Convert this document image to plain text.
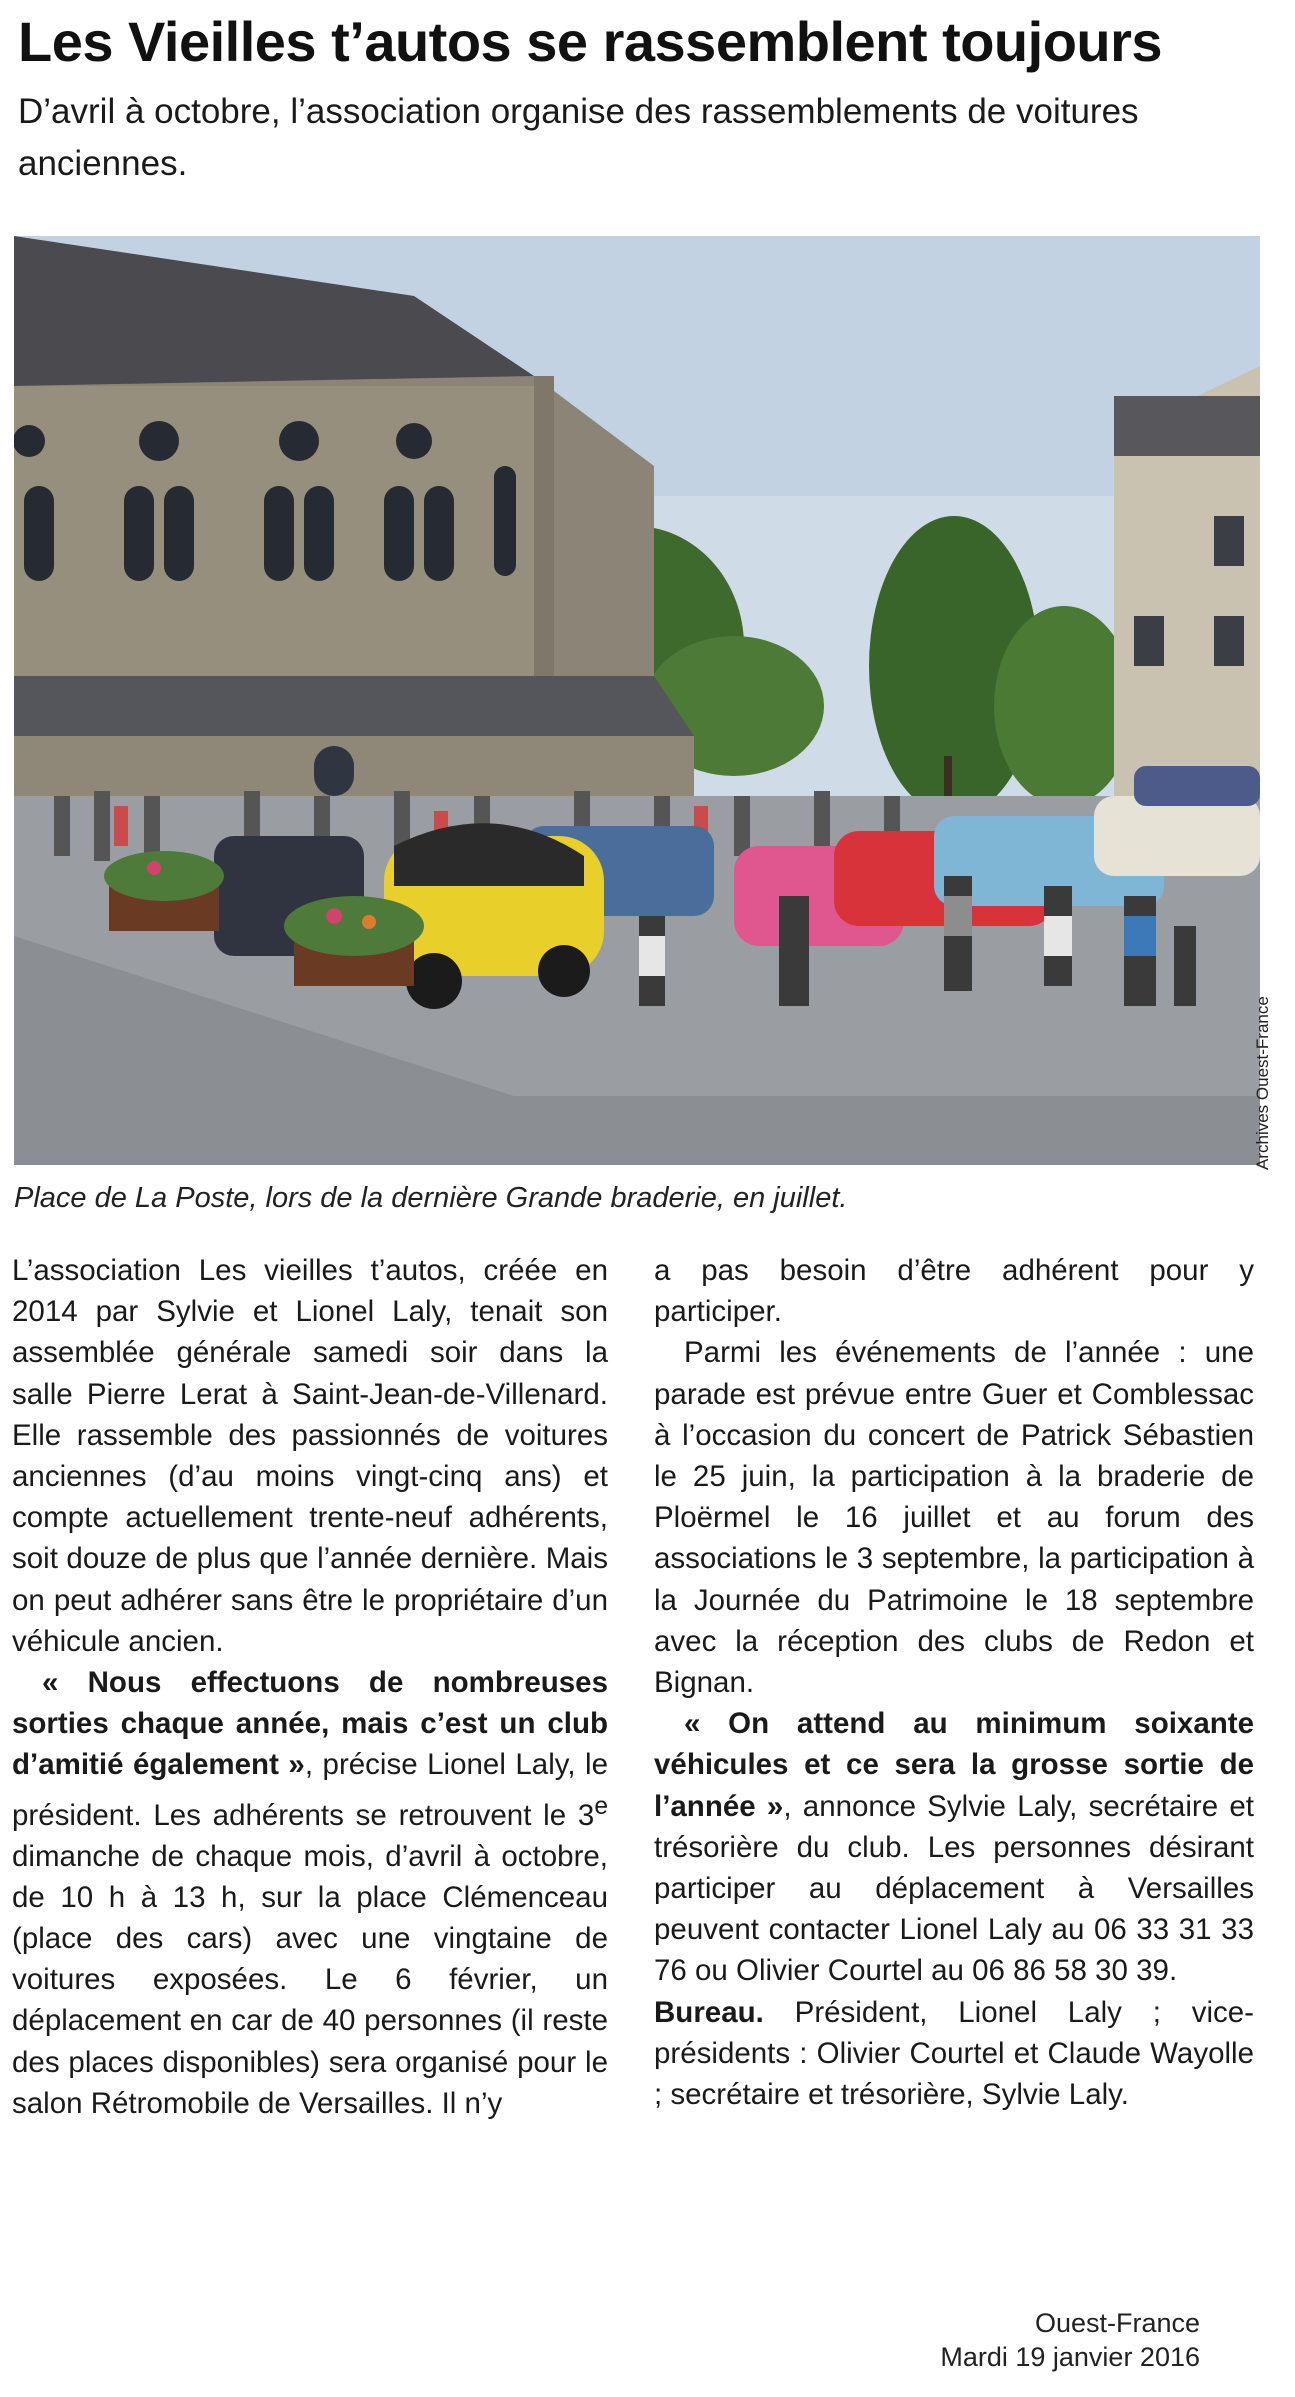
Les Vieilles t’autos se rassemblent toujours

D’avril à octobre, l’association organise des rassemblements de voitures anciennes.

Archives Ouest-France

Place de La Poste, lors de la dernière Grande braderie, en juillet.

L’association Les vieilles t’autos, créée en 2014 par Sylvie et Lionel Laly, tenait son assemblée générale samedi soir dans la salle Pierre Lerat à Saint-Jean-de-Villenard. Elle rassemble des passionnés de voitures anciennes (d’au moins vingt-cinq ans) et compte actuellement trente-neuf adhérents, soit douze de plus que l’année dernière. Mais on peut adhérer sans être le propriétaire d’un véhicule ancien.

« Nous effectuons de nombreuses sorties chaque année, mais c’est un club d’amitié également », précise Lionel Laly, le président. Les adhérents se retrouvent le 3e dimanche de chaque mois, d’avril à octobre, de 10 h à 13 h, sur la place Clémenceau (place des cars) avec une vingtaine de voitures exposées. Le 6 février, un déplacement en car de 40 personnes (il reste des places disponibles) sera organisé pour le salon Rétromobile de Versailles. Il n’y

a pas besoin d’être adhérent pour y participer.

Parmi les événements de l’année : une parade est prévue entre Guer et Comblessac à l’occasion du concert de Patrick Sébastien le 25 juin, la participation à la braderie de Ploërmel le 16 juillet et au forum des associations le 3 septembre, la participation à la Journée du Patrimoine le 18 septembre avec la réception des clubs de Redon et Bignan.

« On attend au minimum soixante véhicules et ce sera la grosse sortie de l’année », annonce Sylvie Laly, secrétaire et trésorière du club. Les personnes désirant participer au déplacement à Versailles peuvent contacter Lionel Laly au 06 33 31 33 76 ou Olivier Courtel au 06 86 58 30 39.

Bureau. Président, Lionel Laly ; vice-présidents : Olivier Courtel et Claude Wayolle ; secrétaire et trésorière, Sylvie Laly.

Ouest-France
Mardi 19 janvier 2016
